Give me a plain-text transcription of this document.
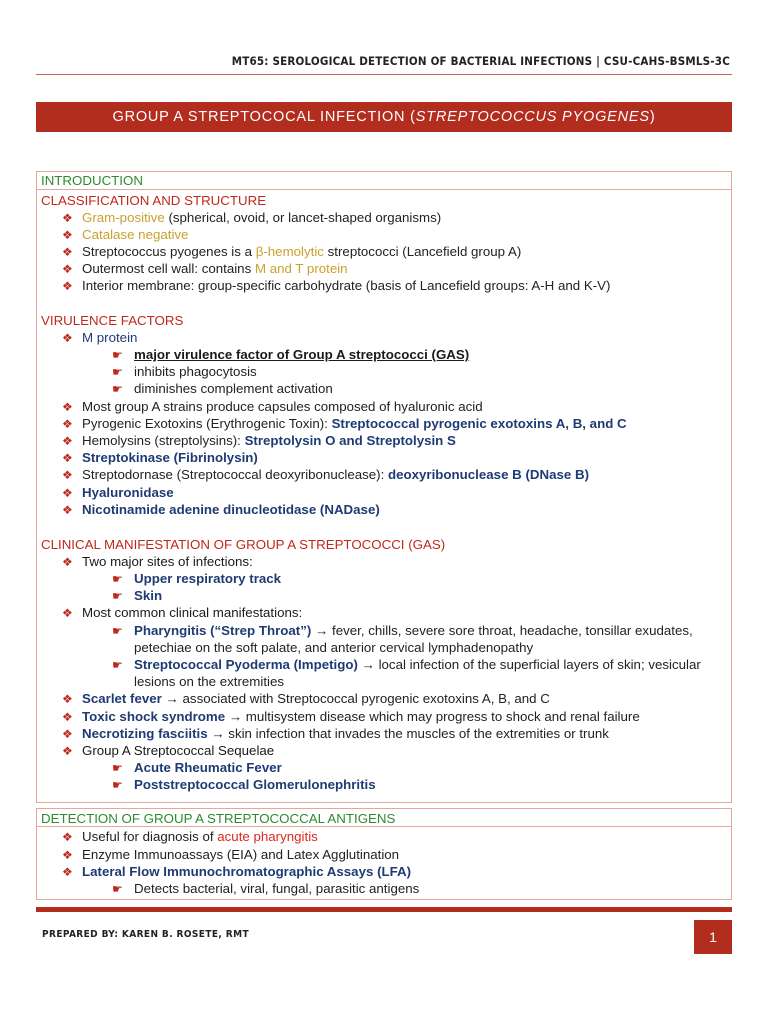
$_{MT65: SEROLOGICAL DETECTION OF BACTERIAL INFECTIONS | CSU-CAHS-BSMLS-3C}$
GROUP A STREPTOCOCAL INFECTION (STREPTOCOCCUS PYOGENES)
INTRODUCTION
CLASSIFICATION AND STRUCTURE
❖ Gram-positive (spherical, ovoid, or lancet-shaped organisms)
❖ Catalase negative
❖ Streptococcus pyogenes is a β-hemolytic streptococci (Lancefield group A)
❖ Outermost cell wall: contains M and T protein
❖ Interior membrane: group-specific carbohydrate (basis of Lancefield groups: A-H and K-V)
VIRULENCE FACTORS
❖ M protein
☛ major virulence factor of Group A streptococci (GAS)
☛ inhibits phagocytosis
☛ diminishes complement activation
❖ Most group A strains produce capsules composed of hyaluronic acid
❖ Pyrogenic Exotoxins (Erythrogenic Toxin): Streptococcal pyrogenic exotoxins A, B, and C
❖ Hemolysins (streptolysins): Streptolysin O and Streptolysin S
❖ Streptokinase (Fibrinolysin)
❖ Streptodornase (Streptococcal deoxyribonuclease): deoxyribonuclease B (DNase B)
❖ Hyaluronidase
❖ Nicotinamide adenine dinucleotidase (NADase)
CLINICAL MANIFESTATION OF GROUP A STREPTOCOCCI (GAS)
❖ Two major sites of infections:
☛ Upper respiratory track
☛ Skin
❖ Most common clinical manifestations:
☛ Pharyngitis (“Strep Throat”) → fever, chills, severe sore throat, headache, tonsillar exudates,
petechiae on the soft palate, and anterior cervical lymphadenopathy
☛ Streptococcal Pyoderma (Impetigo) → local infection of the superficial layers of skin; vesicular
lesions on the extremities
❖ Scarlet fever → associated with Streptococcal pyrogenic exotoxins A, B, and C
❖ Toxic shock syndrome → multisystem disease which may progress to shock and renal failure
❖ Necrotizing fasciitis → skin infection that invades the muscles of the extremities or trunk
❖ Group A Streptococcal Sequelae
☛ Acute Rheumatic Fever
☛ Poststreptococcal Glomerulonephritis
DETECTION OF GROUP A STREPTOCOCCAL ANTIGENS
❖ Useful for diagnosis of acute pharyngitis
❖ Enzyme Immunoassays (EIA) and Latex Agglutination
❖ Lateral Flow Immunochromatographic Assays (LFA)
☛ Detects bacterial, viral, fungal, parasitic antigens
PREPARED BY: KAREN B. ROSETE, RMT	1
